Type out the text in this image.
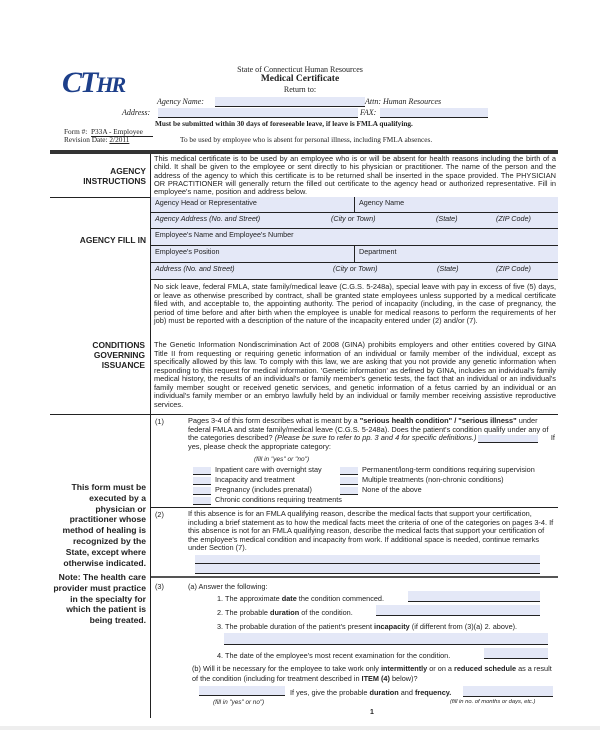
CTHR
State of Connecticut Human Resources
Medical Certificate
Return to:
Agency Name:	Attn: Human Resources
Address:	FAX:
Must be submitted within 30 days of foreseeable leave, if leave is FMLA qualifying.
Form #: P33A - Employee
Revision Date: 2/2011	To be used by employee who is absent for personal illness, including FMLA absences.
AGENCY INSTRUCTIONS
This medical certificate is to be used by an employee who is or will be absent for health reasons including the birth of a child. It shall be given to the employee or sent directly to his physician or practitioner. The name of the person and the address of the agency to which this certificate is to be returned shall be inserted in the space provided. The PHYSICIAN OR PRACTITIONER will generally return the filled out certificate to the agency head or authorized representative. Fill in employee's name, position and address below.
AGENCY FILL IN
Agency Head or Representative	Agency Name
Agency Address (No. and Street)	(City or Town)	(State)	(ZIP Code)
Employee's Name and Employee's Number
Employee's Position	Department
Address (No. and Street)	(City or Town)	(State)	(ZIP Code)
CONDITIONS GOVERNING ISSUANCE
No sick leave, federal FMLA, state family/medical leave (C.G.S. 5-248a), special leave with pay in excess of five (5) days, or leave as otherwise prescribed by contract, shall be granted state employees unless supported by a medical certificate filed with, and acceptable to, the appointing authority. The period of incapacity (including, in the case of pregnancy, the period of time before and after birth when the employee is unable for medical reasons to perform the requirements of her job) must be reported with a description of the nature of the incapacity entered under (2) and/or (7).
The Genetic Information Nondiscrimination Act of 2008 (GINA) prohibits employers and other entities covered by GINA Title II from requesting or requiring genetic information of an individual or family member of the individual, except as specifically allowed by this law. To comply with this law, we are asking that you not provide any genetic information when responding to this request for medical information. 'Genetic information' as defined by GINA, includes an individual's family medical history, the results of an individual's or family member's genetic tests, the fact that an individual or an individual's family member sought or received genetic services, and genetic information of a fetus carried by an individual or an individual's family member or an embryo lawfully held by an individual or family member receiving assistive reproductive services.
This form must be executed by a physician or practitioner whose method of healing is recognized by the State, except where otherwise indicated.
Note: The health care provider must practice in the specialty for which the patient is being treated.
(1)	Pages 3-4 of this form describes what is meant by a "serious health condition" / "serious illness" under federal FMLA and state family/medical leave (C.G.S. 5-248a). Does the patient's condition qualify under any of the categories described? (Please be sure to refer to pp. 3 and 4 for specific definitions.)	If yes, please check the appropriate category:
(fill in "yes" or "no")
Inpatient care with overnight stay
Incapacity and treatment
Pregnancy (includes prenatal)
Chronic conditions requiring treatments
Permanent/long-term conditions requiring supervision
Multiple treatments (non-chronic conditions)
None of the above
(2)	If this absence is for an FMLA qualifying reason, describe the medical facts that support your certification, including a brief statement as to how the medical facts meet the criteria of one of the categories on pages 3-4. If this absence is not for an FMLA qualifying reason, describe the medical facts that support your certification of the employee's medical condition and incapacity from work. If additional space is needed, continue remarks under Section (7).
(3)	(a) Answer the following:
1. The approximate date the condition commenced.
2. The probable duration of the condition.
3. The probable duration of the patient's present incapacity (if different from (3)(a) 2. above).
4. The date of the employee's most recent examination for the condition.
(b) Will it be necessary for the employee to take work only intermittently or on a reduced schedule as a result of the condition (including for treatment described in ITEM (4) below)?
If yes, give the probable duration and frequency.
(fill in "yes" or no")	(fill in no. of months or days, etc.)
1
